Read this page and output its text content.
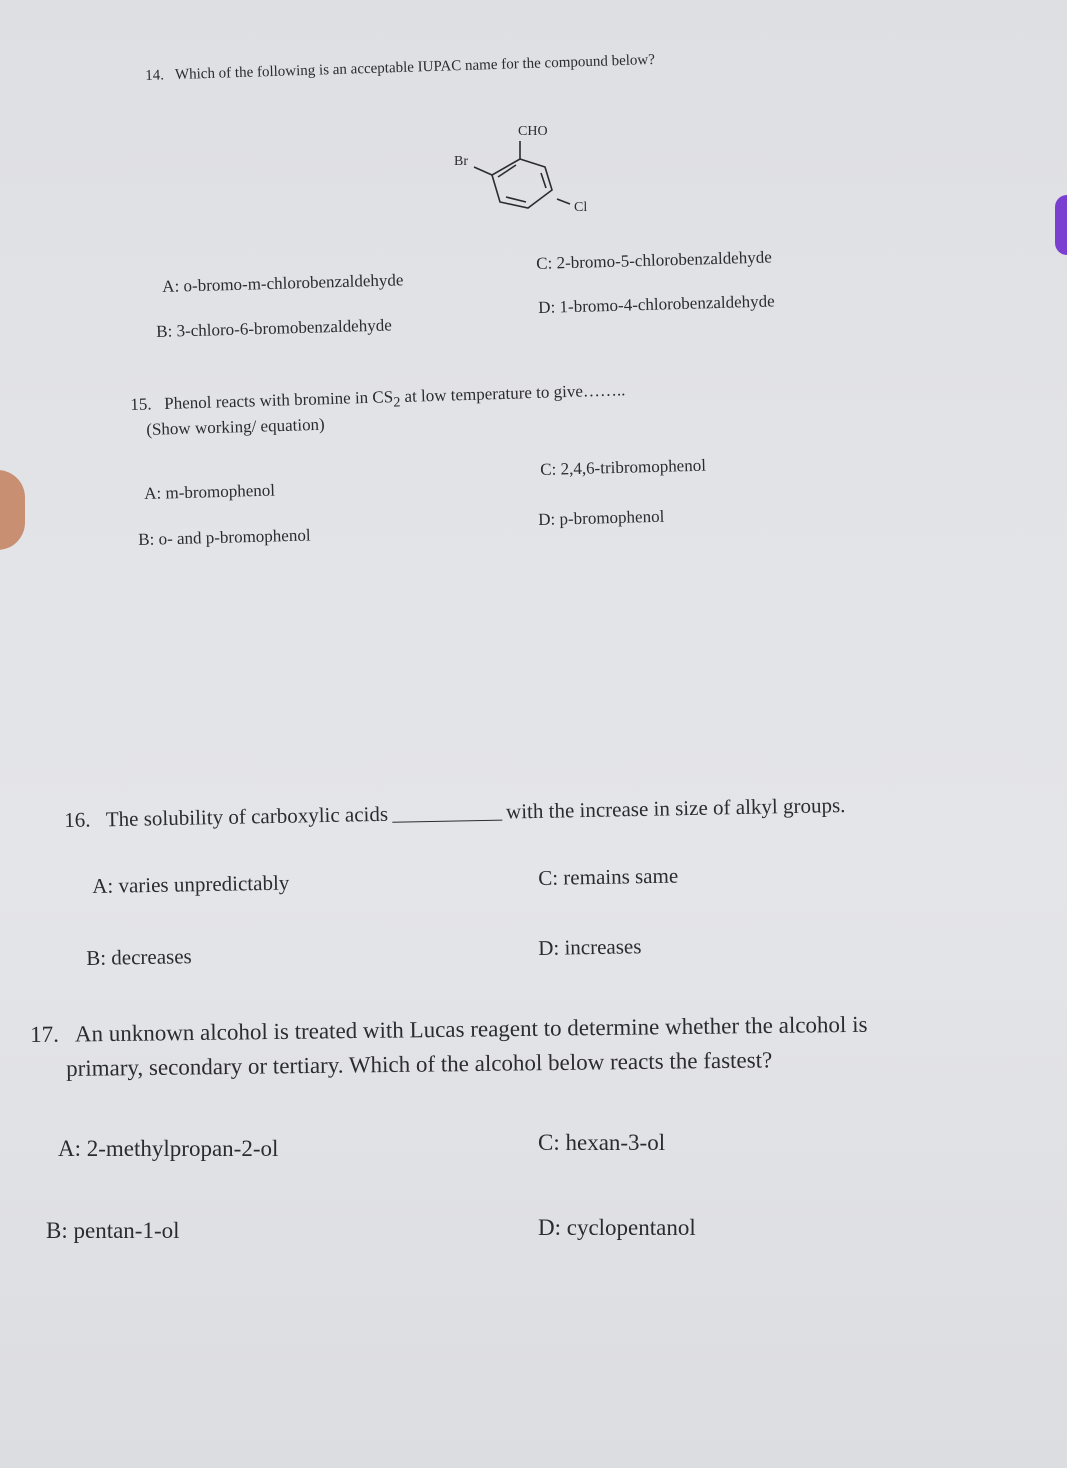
14. Which of the following is an acceptable IUPAC name for the compound below?
CHO
Br
Cl
A: o-bromo-m-chlorobenzaldehyde
C: 2-bromo-5-chlorobenzaldehyde
B: 3-chloro-6-bromobenzaldehyde
D: 1-bromo-4-chlorobenzaldehyde
15. Phenol reacts with bromine in $CS_2$ at low temperature to give……..
(Show working/ equation)
A: m-bromophenol
C: 2,4,6-tribromophenol
B: o- and p-bromophenol
D: p-bromophenol
16. The solubility of carboxylic acids	with the increase in size of alkyl groups.
A: varies unpredictably	C: remains same
B: decreases	D: increases
17. An unknown alcohol is treated with Lucas reagent to determine whether the alcohol is
primary, secondary or tertiary. Which of the alcohol below reacts the fastest?
A: 2-methylpropan-2-ol	C: hexan-3-ol
B: pentan-1-ol	D: cyclopentanol
